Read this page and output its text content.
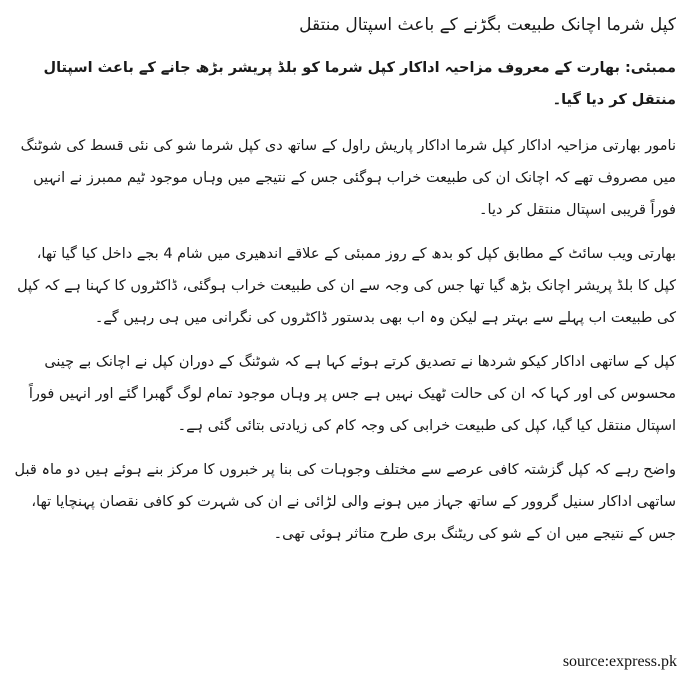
کپل شرما اچانک طبیعت بگڑنے کے باعث اسپتال منتقل

ممبئی: بھارت کے معروف مزاحیہ اداکار کپل شرما کو بلڈ پریشر بڑھ جانے کے باعث اسپتال منتقل کر دیا گیا۔

نامور بھارتی مزاحیہ اداکار کپل شرما اداکار پاریش راول کے ساتھ دی کپل شرما شو کی نئی قسط کی شوٹنگ میں مصروف تھے کہ اچانک ان کی طبیعت خراب ہوگئی جس کے نتیجے میں وہاں موجود ٹیم ممبرز نے انہیں فوراً قریبی اسپتال منتقل کر دیا۔

بھارتی ویب سائٹ کے مطابق کپل کو بدھ کے روز ممبئی کے علاقے اندھیری میں شام 4 بجے داخل کیا گیا تھا، کپل کا بلڈ پریشر اچانک بڑھ گیا تھا جس کی وجہ سے ان کی طبیعت خراب ہوگئی، ڈاکٹروں کا کہنا ہے کہ کپل کی طبیعت اب پہلے سے بہتر ہے لیکن وہ اب بھی بدستور ڈاکٹروں کی نگرانی میں ہی رہیں گے۔

کپل کے ساتھی اداکار کیکو شردھا نے تصدیق کرتے ہوئے کہا ہے کہ شوٹنگ کے دوران کپل نے اچانک بے چینی محسوس کی اور کہا کہ ان کی حالت ٹھیک نہیں ہے جس پر وہاں موجود تمام لوگ گھبرا گئے اور انہیں فوراً اسپتال منتقل کیا گیا، کپل کی طبیعت خرابی کی وجہ کام کی زیادتی بتائی گئی ہے۔

واضح رہے کہ کپل گزشتہ کافی عرصے سے مختلف وجوہات کی بنا پر خبروں کا مرکز بنے ہوئے ہیں دو ماہ قبل ساتھی اداکار سنیل گروور کے ساتھ جہاز میں ہونے والی لڑائی نے ان کی شہرت کو کافی نقصان پہنچایا تھا، جس کے نتیجے میں ان کے شو کی ریٹنگ بری طرح متاثر ہوئی تھی۔

source:express.pk
